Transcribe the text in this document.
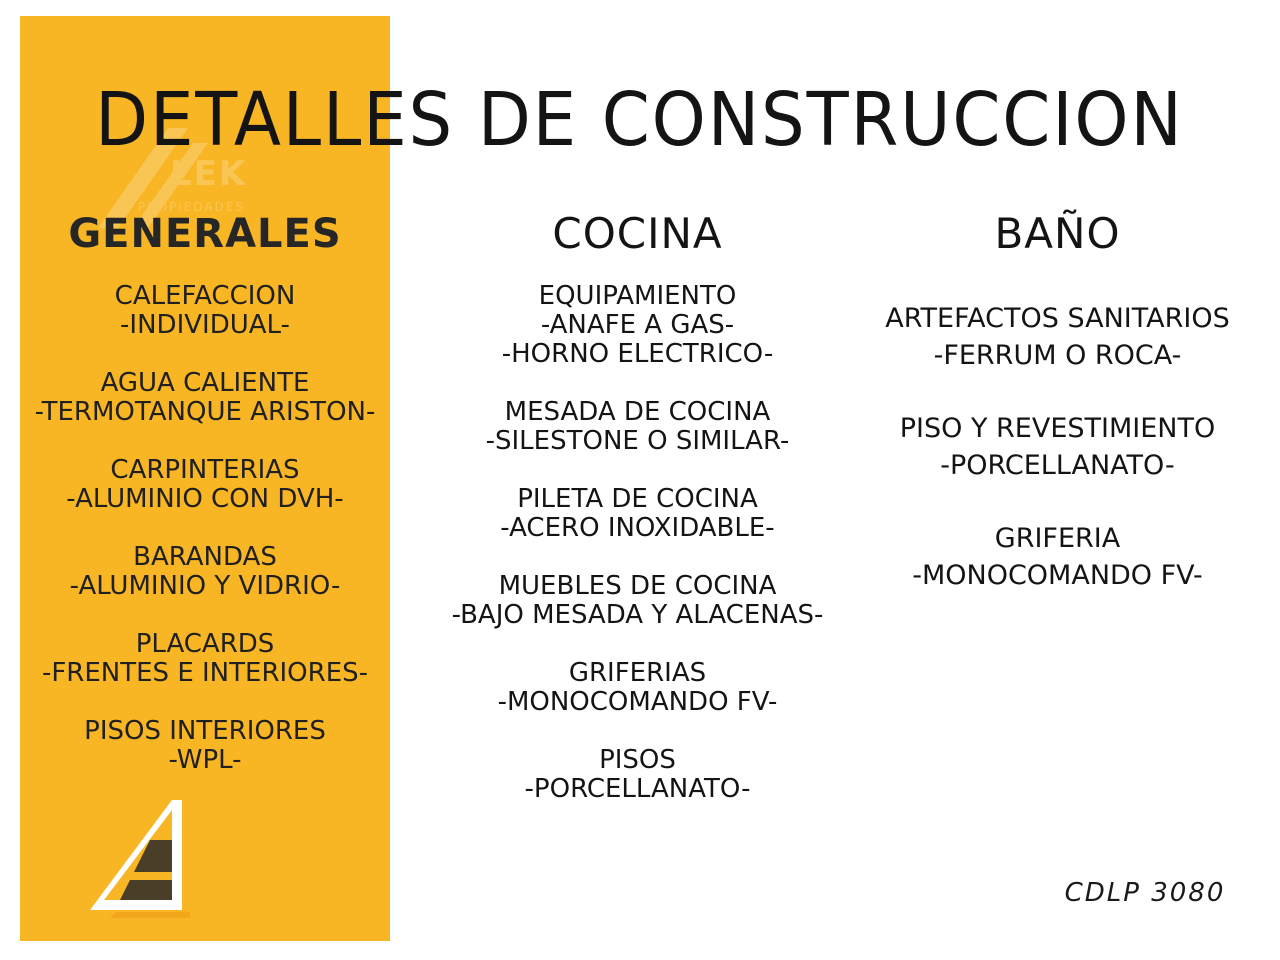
LEK
PROPIEDADES
DETALLES DE CONSTRUCCION
GENERALES
CALEFACCION
-INDIVIDUAL-
AGUA CALIENTE
-TERMOTANQUE ARISTON-
CARPINTERIAS
-ALUMINIO CON DVH-
BARANDAS
-ALUMINIO Y VIDRIO-
PLACARDS
-FRENTES E INTERIORES-
PISOS INTERIORES
-WPL-
COCINA
EQUIPAMIENTO
-ANAFE A GAS-
-HORNO ELECTRICO-
MESADA DE COCINA
-SILESTONE O SIMILAR-
PILETA DE COCINA
-ACERO INOXIDABLE-
MUEBLES DE COCINA
-BAJO MESADA Y ALACENAS-
GRIFERIAS
-MONOCOMANDO FV-
PISOS
-PORCELLANATO-
BAÑO
ARTEFACTOS SANITARIOS
-FERRUM O ROCA-
PISO Y REVESTIMIENTO
-PORCELLANATO-
GRIFERIA
-MONOCOMANDO FV-
CDLP 3080
